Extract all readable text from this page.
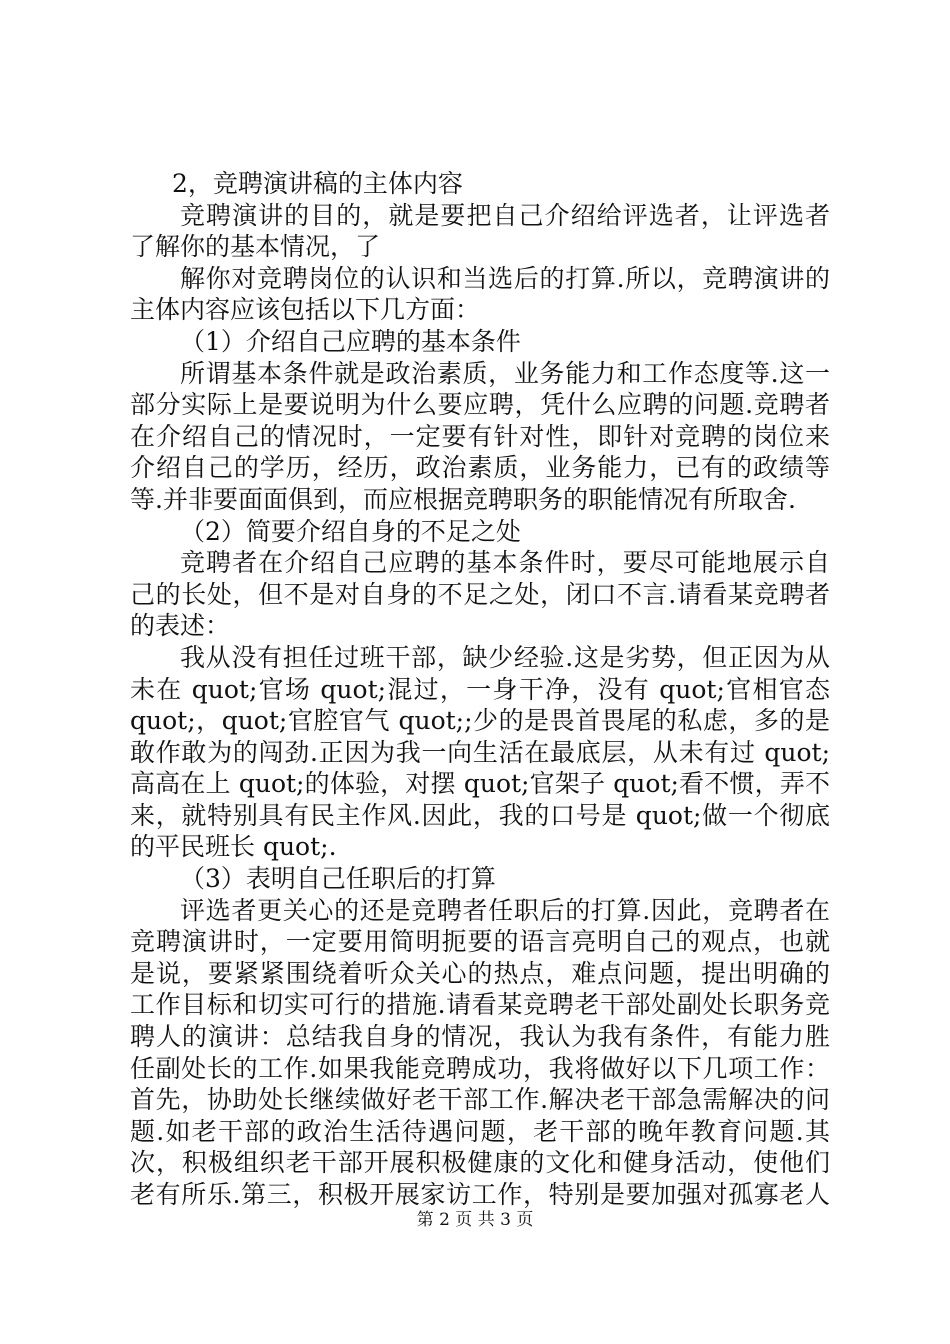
2，竞聘演讲稿的主体内容
竞聘演讲的目的，就是要把自己介绍给评选者，让评选者
了解你的基本情况，了
解你对竞聘岗位的认识和当选后的打算.所以，竞聘演讲的
主体内容应该包括以下几方面：
（1）介绍自己应聘的基本条件
所谓基本条件就是政治素质，业务能力和工作态度等.这一
部分实际上是要说明为什么要应聘，凭什么应聘的问题.竞聘者
在介绍自己的情况时，一定要有针对性，即针对竞聘的岗位来
介绍自己的学历，经历，政治素质，业务能力，已有的政绩等
等.并非要面面俱到，而应根据竞聘职务的职能情况有所取舍.
（2）简要介绍自身的不足之处
竞聘者在介绍自己应聘的基本条件时，要尽可能地展示自
己的长处，但不是对自身的不足之处，闭口不言.请看某竞聘者
的表述：
我从没有担任过班干部，缺少经验.这是劣势，但正因为从
未在 quot;官场 quot;混过，一身干净，没有 quot;官相官态
quot;，quot;官腔官气 quot;;少的是畏首畏尾的私虑，多的是
敢作敢为的闯劲.正因为我一向生活在最底层，从未有过 quot;
高高在上 quot;的体验，对摆 quot;官架子 quot;看不惯，弄不
来，就特别具有民主作风.因此，我的口号是 quot;做一个彻底
的平民班长 quot;.
（3）表明自己任职后的打算
评选者更关心的还是竞聘者任职后的打算.因此，竞聘者在
竞聘演讲时，一定要用简明扼要的语言亮明自己的观点，也就
是说，要紧紧围绕着听众关心的热点，难点问题，提出明确的
工作目标和切实可行的措施.请看某竞聘老干部处副处长职务竞
聘人的演讲：总结我自身的情况，我认为我有条件，有能力胜
任副处长的工作.如果我能竞聘成功，我将做好以下几项工作：
首先，协助处长继续做好老干部工作.解决老干部急需解决的问
题.如老干部的政治生活待遇问题，老干部的晚年教育问题.其
次，积极组织老干部开展积极健康的文化和健身活动，使他们
老有所乐.第三，积极开展家访工作，特别是要加强对孤寡老人
第 2 页 共 3 页
